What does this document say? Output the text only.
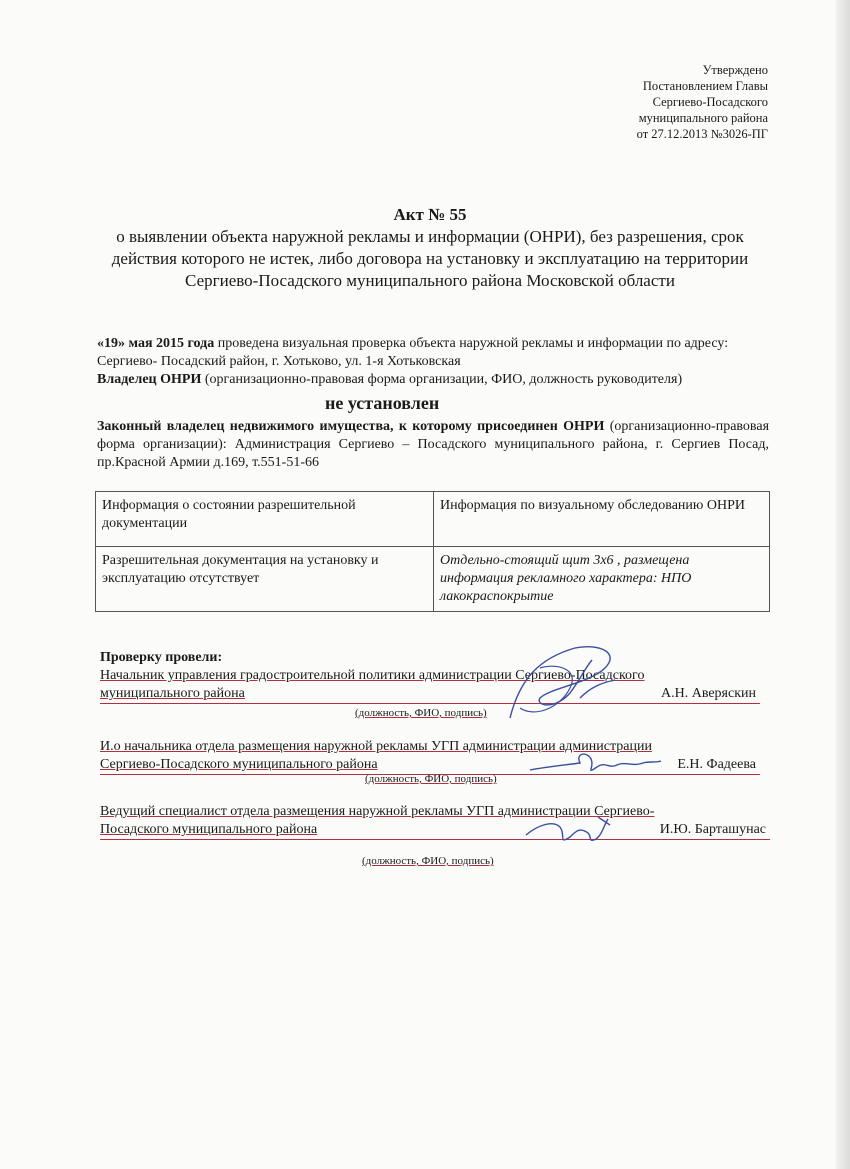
Утверждено
Постановлением Главы
Сергиево-Посадского
муниципального района
от 27.12.2013 №3026-ПГ
Акт № 55
о выявлении объекта наружной рекламы и информации (ОНРИ), без разрешения, срок действия которого не истек, либо договора на установку и эксплуатацию на территории Сергиево-Посадского муниципального района Московской области
«19» мая 2015 года проведена визуальная проверка объекта наружной рекламы и информации по адресу: Сергиево- Посадский район, г. Хотьково, ул. 1-я Хотьковская
Владелец ОНРИ (организационно-правовая форма организации, ФИО, должность руководителя)
не установлен
Законный владелец недвижимого имущества, к которому присоединен ОНРИ (организационно-правовая форма организации): Администрация Сергиево – Посадского муниципального района, г. Сергиев Посад, пр.Красной Армии д.169, т.551-51-66
Информация о состоянии разрешительной документации	Информация по визуальному обследованию ОНРИ
Разрешительная документация на установку и эксплуатацию отсутствует	Отдельно-стоящий щит 3х6 , размещена информация рекламного характера: НПО лакокраспокрытие
Проверку провели:
Начальник управления градостроительной политики администрации Сергиево-Посадского
муниципального района	А.Н. Аверяскин
(должность, ФИО, подпись)
И.о начальника отдела размещения наружной рекламы УГП администрации администрации
Сергиево-Посадского муниципального района	Е.Н. Фадеева
(должность, ФИО, подпись)
Ведущий специалист отдела размещения наружной рекламы УГП администрации Сергиево-
Посадского муниципального района	И.Ю. Барташунас
(должность, ФИО, подпись)
